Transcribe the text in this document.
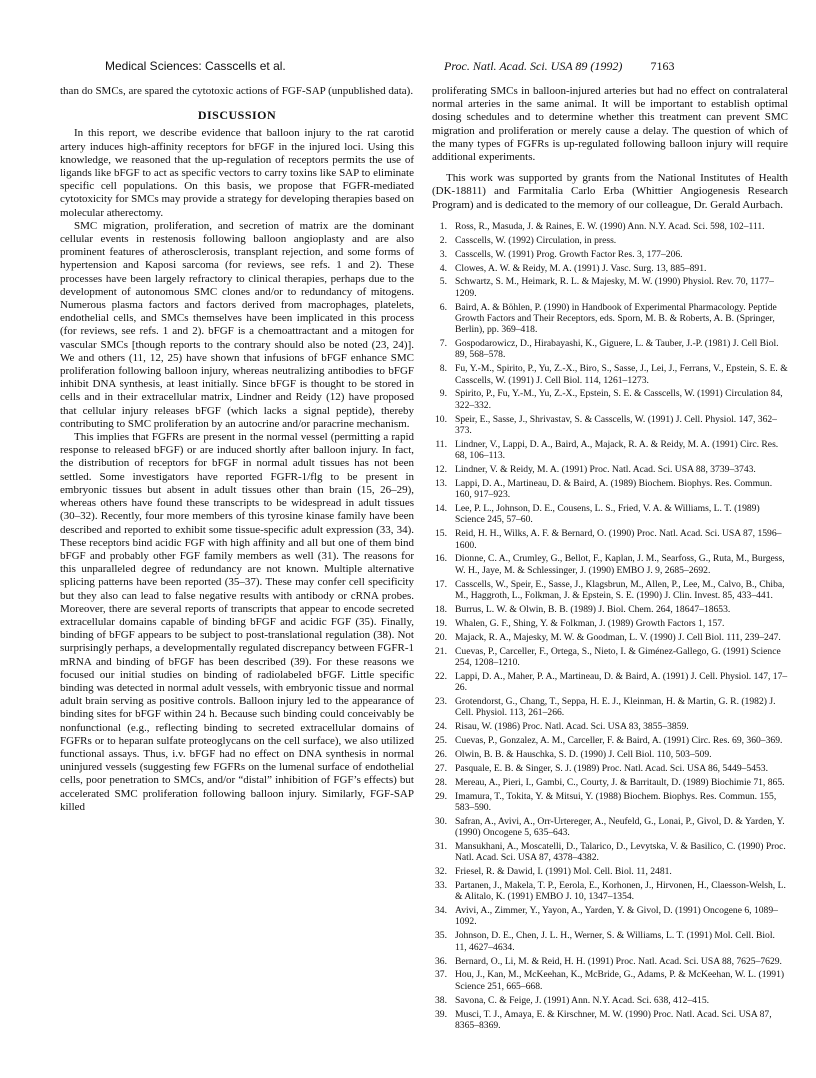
Medical Sciences: Casscells et al.	Proc. Natl. Acad. Sci. USA 89 (1992) 7163

than do SMCs, are spared the cytotoxic actions of FGF-SAP (unpublished data).

DISCUSSION

In this report, we describe evidence that balloon injury to the rat carotid artery induces high-affinity receptors for bFGF in the injured loci. Using this knowledge, we reasoned that the up-regulation of receptors permits the use of ligands like bFGF to act as specific vectors to carry toxins like SAP to eliminate specific cell populations. On this basis, we propose that FGFR-mediated cytotoxicity for SMCs may provide a strategy for developing therapies based on molecular atherectomy.

SMC migration, proliferation, and secretion of matrix are the dominant cellular events in restenosis following balloon angioplasty and are also prominent features of atherosclerosis, transplant rejection, and some forms of hypertension and Kaposi sarcoma (for reviews, see refs. 1 and 2). These processes have been largely refractory to clinical therapies, perhaps due to the development of autonomous SMC clones and/or to redundancy of mitogens. Numerous plasma factors and factors derived from macrophages, platelets, endothelial cells, and SMCs themselves have been implicated in this process (for reviews, see refs. 1 and 2). bFGF is a chemoattractant and a mitogen for vascular SMCs [though reports to the contrary should also be noted (23, 24)]. We and others (11, 12, 25) have shown that infusions of bFGF enhance SMC proliferation following balloon injury, whereas neutralizing antibodies to bFGF inhibit DNA synthesis, at least initially. Since bFGF is thought to be stored in cells and in their extracellular matrix, Lindner and Reidy (12) have proposed that cellular injury releases bFGF (which lacks a signal peptide), thereby contributing to SMC proliferation by an autocrine and/or paracrine mechanism.

This implies that FGFRs are present in the normal vessel (permitting a rapid response to released bFGF) or are induced shortly after balloon injury. In fact, the distribution of receptors for bFGF in normal adult tissues has not been settled. Some investigators have reported FGFR-1/flg to be present in embryonic tissues but absent in adult tissues other than brain (15, 26–29), whereas others have found these transcripts to be widespread in adult tissues (30–32). Recently, four more members of this tyrosine kinase family have been described and reported to exhibit some tissue-specific adult expression (33, 34). These receptors bind acidic FGF with high affinity and all but one of them bind bFGF and probably other FGF family members as well (31). The reasons for this unparalleled degree of redundancy are not known. Multiple alternative splicing patterns have been reported (35–37). These may confer cell specificity but they also can lead to false negative results with antibody or cRNA probes. Moreover, there are several reports of transcripts that appear to encode secreted extracellular domains capable of binding bFGF and acidic FGF (35). Finally, binding of bFGF appears to be subject to post-translational regulation (38). Not surprisingly perhaps, a developmentally regulated discrepancy between FGFR-1 mRNA and binding of bFGF has been described (39). For these reasons we focused our initial studies on binding of radiolabeled bFGF. Little specific binding was detected in normal adult vessels, with embryonic tissue and normal adult brain serving as positive controls. Balloon injury led to the appearance of binding sites for bFGF within 24 h. Because such binding could conceivably be nonfunctional (e.g., reflecting binding to secreted extracellular domains of FGFRs or to heparan sulfate proteoglycans on the cell surface), we also utilized functional assays. Thus, i.v. bFGF had no effect on DNA synthesis in normal uninjured vessels (suggesting few FGFRs on the lumenal surface of endothelial cells, poor penetration to SMCs, and/or “distal” inhibition of FGF’s effects) but accelerated SMC proliferation following balloon injury. Similarly, FGF-SAP killed

proliferating SMCs in balloon-injured arteries but had no effect on contralateral normal arteries in the same animal. It will be important to establish optimal dosing schedules and to determine whether this treatment can prevent SMC migration and proliferation or merely cause a delay. The question of which of the many types of FGFRs is up-regulated following balloon injury will require additional experiments.

This work was supported by grants from the National Institutes of Health (DK-18811) and Farmitalia Carlo Erba (Whittier Angiogenesis Research Program) and is dedicated to the memory of our colleague, Dr. Gerald Aurbach.

1. Ross, R., Masuda, J. & Raines, E. W. (1990) Ann. N.Y. Acad. Sci. 598, 102–111.
2. Casscells, W. (1992) Circulation, in press.
3. Casscells, W. (1991) Prog. Growth Factor Res. 3, 177–206.
4. Clowes, A. W. & Reidy, M. A. (1991) J. Vasc. Surg. 13, 885–891.
5. Schwartz, S. M., Heimark, R. L. & Majesky, M. W. (1990) Physiol. Rev. 70, 1177–1209.
6. Baird, A. & Böhlen, P. (1990) in Handbook of Experimental Pharmacology. Peptide Growth Factors and Their Receptors, eds. Sporn, M. B. & Roberts, A. B. (Springer, Berlin), pp. 369–418.
7. Gospodarowicz, D., Hirabayashi, K., Giguere, L. & Tauber, J.-P. (1981) J. Cell Biol. 89, 568–578.
8. Fu, Y.-M., Spirito, P., Yu, Z.-X., Biro, S., Sasse, J., Lei, J., Ferrans, V., Epstein, S. E. & Casscells, W. (1991) J. Cell Biol. 114, 1261–1273.
9. Spirito, P., Fu, Y.-M., Yu, Z.-X., Epstein, S. E. & Casscells, W. (1991) Circulation 84, 322–332.
10. Speir, E., Sasse, J., Shrivastav, S. & Casscells, W. (1991) J. Cell. Physiol. 147, 362–373.
11. Lindner, V., Lappi, D. A., Baird, A., Majack, R. A. & Reidy, M. A. (1991) Circ. Res. 68, 106–113.
12. Lindner, V. & Reidy, M. A. (1991) Proc. Natl. Acad. Sci. USA 88, 3739–3743.
13. Lappi, D. A., Martineau, D. & Baird, A. (1989) Biochem. Biophys. Res. Commun. 160, 917–923.
14. Lee, P. L., Johnson, D. E., Cousens, L. S., Fried, V. A. & Williams, L. T. (1989) Science 245, 57–60.
15. Reid, H. H., Wilks, A. F. & Bernard, O. (1990) Proc. Natl. Acad. Sci. USA 87, 1596–1600.
16. Dionne, C. A., Crumley, G., Bellot, F., Kaplan, J. M., Searfoss, G., Ruta, M., Burgess, W. H., Jaye, M. & Schlessinger, J. (1990) EMBO J. 9, 2685–2692.
17. Casscells, W., Speir, E., Sasse, J., Klagsbrun, M., Allen, P., Lee, M., Calvo, B., Chiba, M., Haggroth, L., Folkman, J. & Epstein, S. E. (1990) J. Clin. Invest. 85, 433–441.
18. Burrus, L. W. & Olwin, B. B. (1989) J. Biol. Chem. 264, 18647–18653.
19. Whalen, G. F., Shing, Y. & Folkman, J. (1989) Growth Factors 1, 157.
20. Majack, R. A., Majesky, M. W. & Goodman, L. V. (1990) J. Cell Biol. 111, 239–247.
21. Cuevas, P., Carceller, F., Ortega, S., Nieto, I. & Giménez-Gallego, G. (1991) Science 254, 1208–1210.
22. Lappi, D. A., Maher, P. A., Martineau, D. & Baird, A. (1991) J. Cell. Physiol. 147, 17–26.
23. Grotendorst, G., Chang, T., Seppa, H. E. J., Kleinman, H. & Martin, G. R. (1982) J. Cell. Physiol. 113, 261–266.
24. Risau, W. (1986) Proc. Natl. Acad. Sci. USA 83, 3855–3859.
25. Cuevas, P., Gonzalez, A. M., Carceller, F. & Baird, A. (1991) Circ. Res. 69, 360–369.
26. Olwin, B. B. & Hauschka, S. D. (1990) J. Cell Biol. 110, 503–509.
27. Pasquale, E. B. & Singer, S. J. (1989) Proc. Natl. Acad. Sci. USA 86, 5449–5453.
28. Mereau, A., Pieri, I., Gambi, C., Courty, J. & Barritault, D. (1989) Biochimie 71, 865.
29. Imamura, T., Tokita, Y. & Mitsui, Y. (1988) Biochem. Biophys. Res. Commun. 155, 583–590.
30. Safran, A., Avivi, A., Orr-Urtereger, A., Neufeld, G., Lonai, P., Givol, D. & Yarden, Y. (1990) Oncogene 5, 635–643.
31. Mansukhani, A., Moscatelli, D., Talarico, D., Levytska, V. & Basilico, C. (1990) Proc. Natl. Acad. Sci. USA 87, 4378–4382.
32. Friesel, R. & Dawid, I. (1991) Mol. Cell. Biol. 11, 2481.
33. Partanen, J., Makela, T. P., Eerola, E., Korhonen, J., Hirvonen, H., Claesson-Welsh, L. & Alitalo, K. (1991) EMBO J. 10, 1347–1354.
34. Avivi, A., Zimmer, Y., Yayon, A., Yarden, Y. & Givol, D. (1991) Oncogene 6, 1089–1092.
35. Johnson, D. E., Chen, J. L. H., Werner, S. & Williams, L. T. (1991) Mol. Cell. Biol. 11, 4627–4634.
36. Bernard, O., Li, M. & Reid, H. H. (1991) Proc. Natl. Acad. Sci. USA 88, 7625–7629.
37. Hou, J., Kan, M., McKeehan, K., McBride, G., Adams, P. & McKeehan, W. L. (1991) Science 251, 665–668.
38. Savona, C. & Feige, J. (1991) Ann. N.Y. Acad. Sci. 638, 412–415.
39. Musci, T. J., Amaya, E. & Kirschner, M. W. (1990) Proc. Natl. Acad. Sci. USA 87, 8365–8369.
